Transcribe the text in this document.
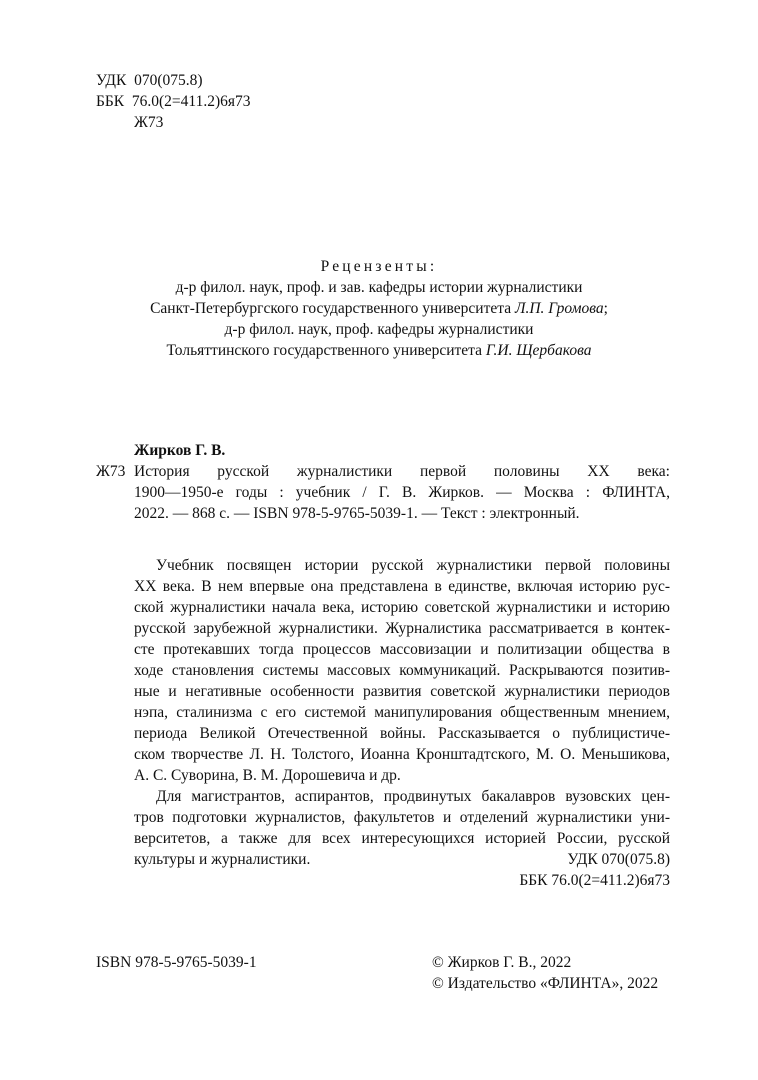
УДК  070(075.8)
ББК  76.0(2=411.2)6я73
Ж73
Рецензенты:
д-р филол. наук, проф. и зав. кафедры истории журналистики
Санкт-Петербургского государственного университета Л.П. Громова;
д-р филол. наук, проф. кафедры журналистики
Тольяттинского государственного университета Г.И. Щербакова
Жирков Г. В.
Ж73 История русской журналистики первой половины XX века:
1900—1950-е годы : учебник / Г. В. Жирков. — Москва : ФЛИНТА,
2022. — 868 с. — ISBN 978-5-9765-5039-1. — Текст : электронный.
Учебник посвящен истории русской журналистики первой половины
XX века. В нем впервые она представлена в единстве, включая историю рус-
ской журналистики начала века, историю советской журналистики и историю
русской зарубежной журналистики. Журналистика рассматривается в контек-
сте протекавших тогда процессов массовизации и политизации общества в
ходе становления системы массовых коммуникаций. Раскрываются позитив-
ные и негативные особенности развития советской журналистики периодов
нэпа, сталинизма с его системой манипулирования общественным мнением,
периода Великой Отечественной войны. Рассказывается о публицистиче-
ском творчестве Л. Н. Толстого, Иоанна Кронштадтского, М. О. Меньшикова,
А. С. Суворина, В. М. Дорошевича и др.
Для магистрантов, аспирантов, продвинутых бакалавров вузовских цен-
тров подготовки журналистов, факультетов и отделений журналистики уни-
верситетов, а также для всех интересующихся историей России, русской
культуры и журналистики.	УДК 070(075.8)
ББК 76.0(2=411.2)6я73
ISBN 978-5-9765-5039-1	© Жирков Г. В., 2022
© Издательство «ФЛИНТА», 2022
